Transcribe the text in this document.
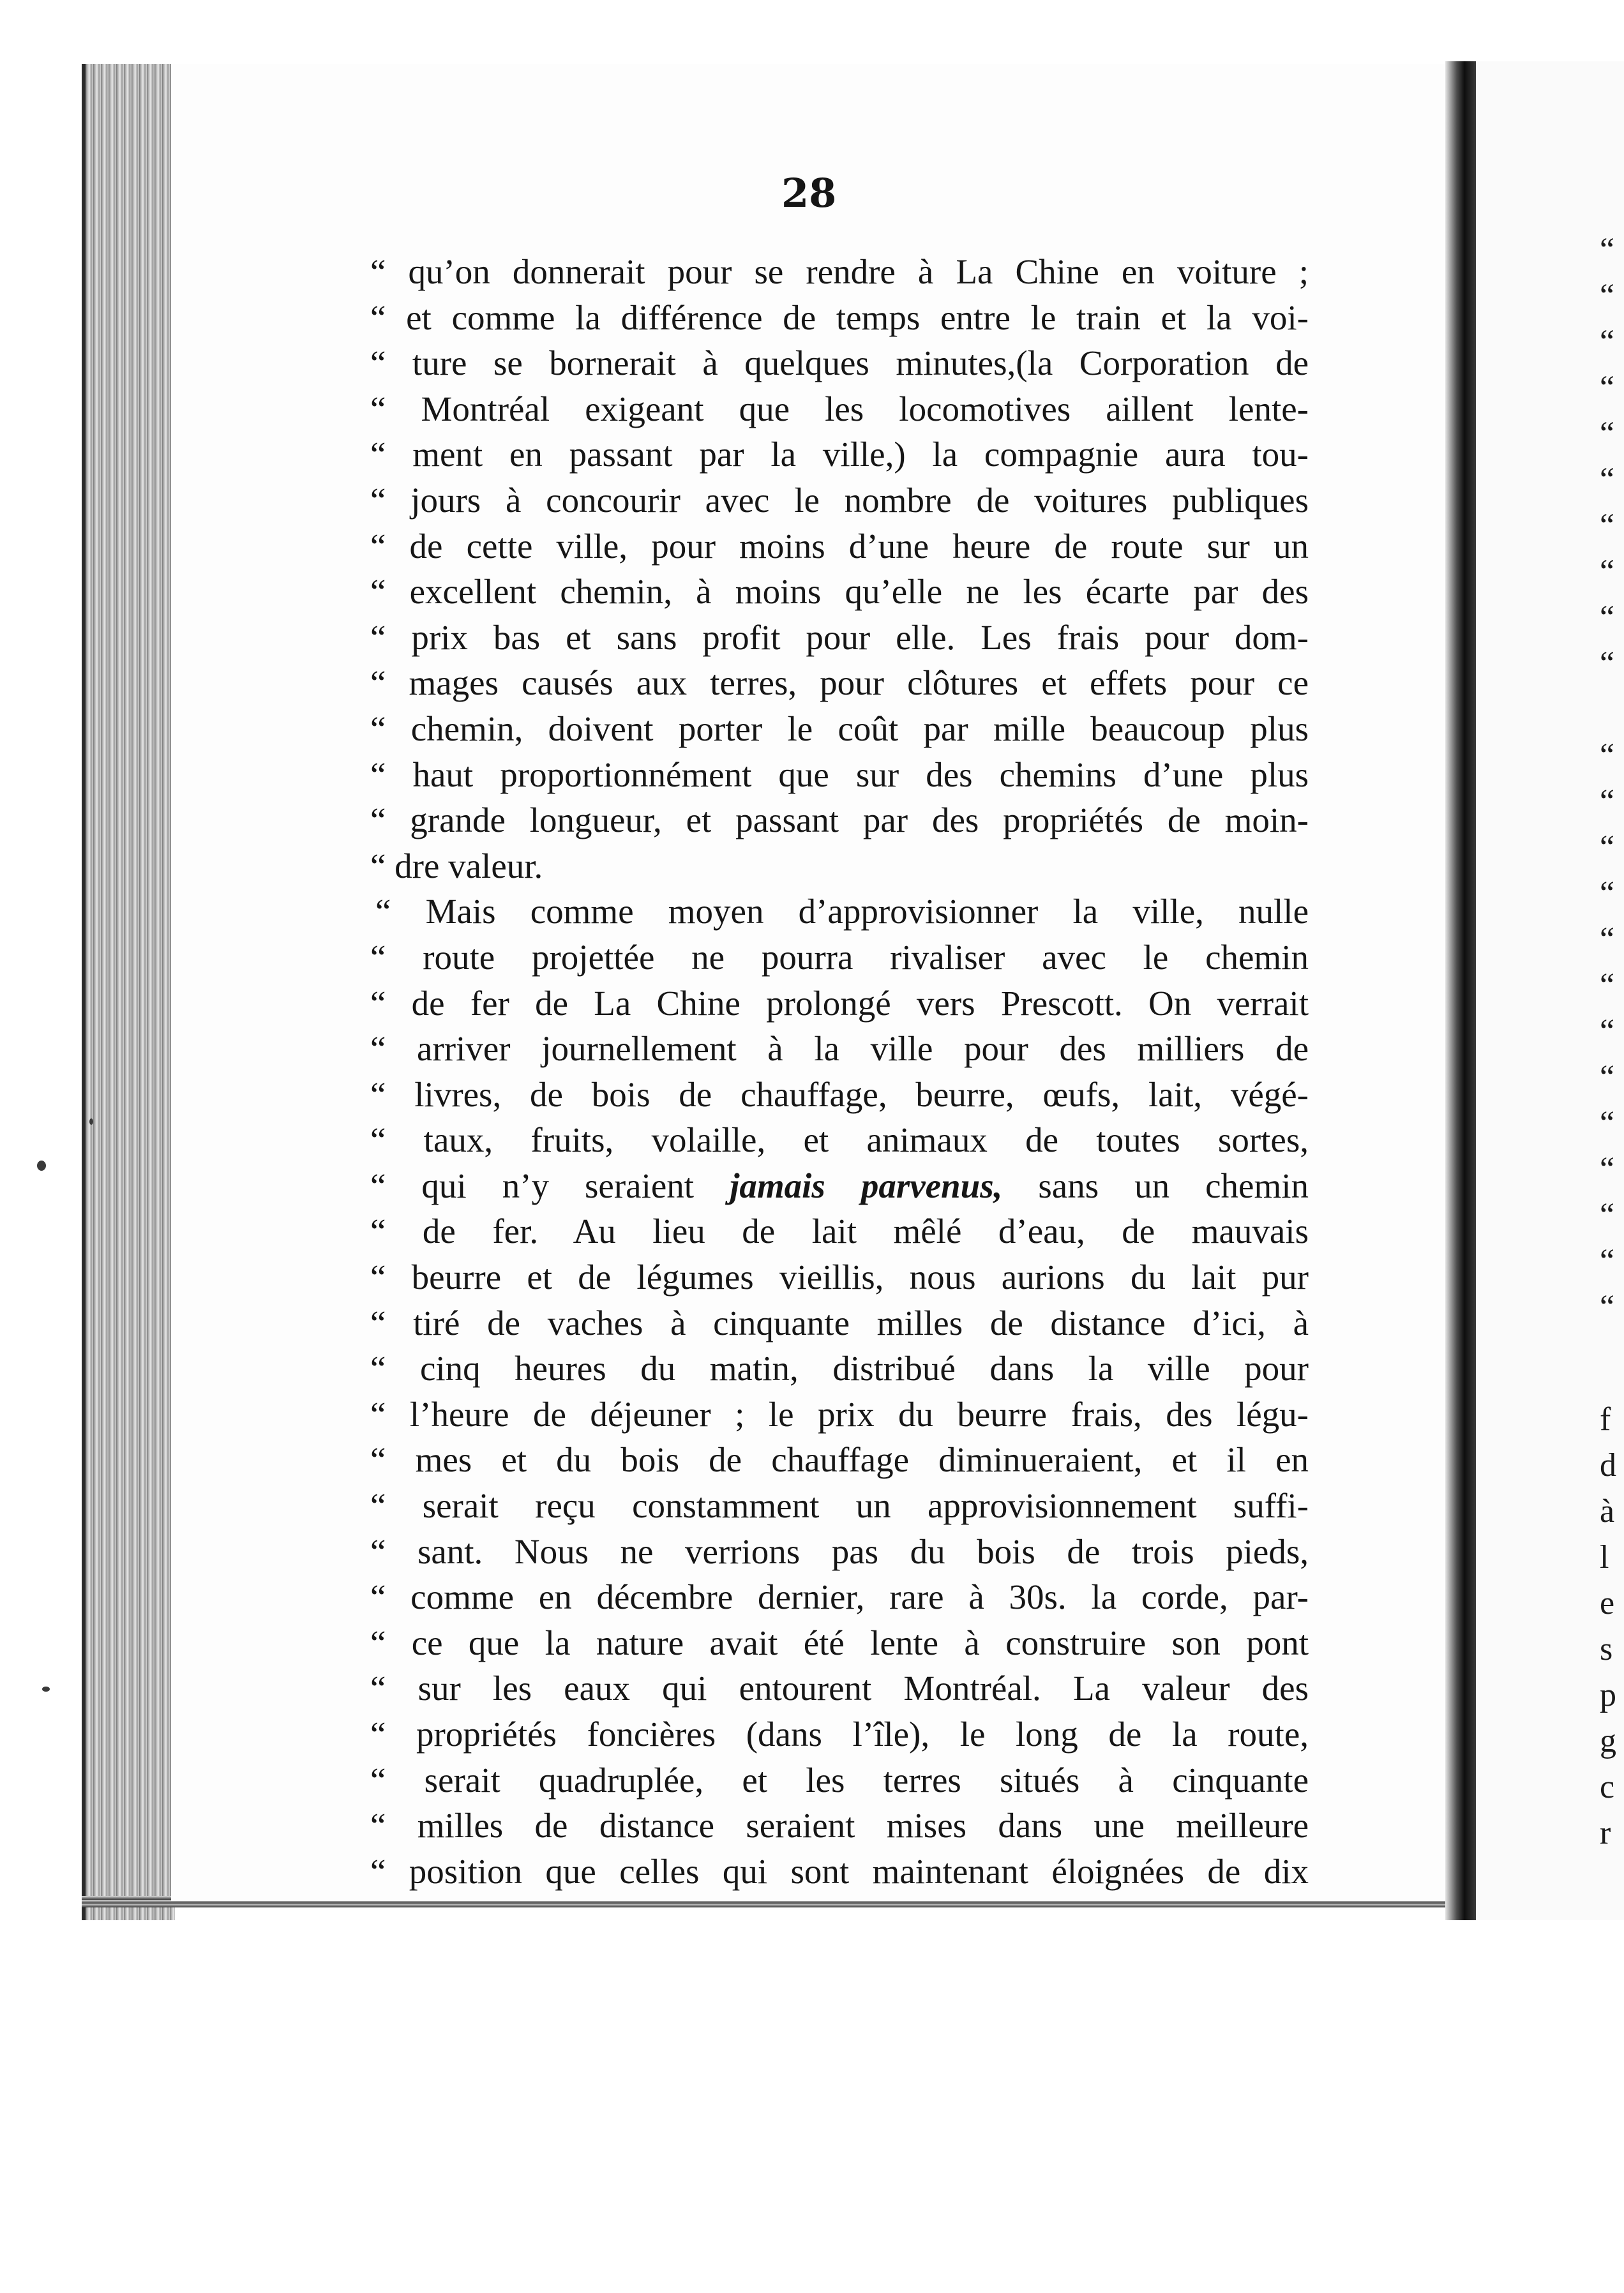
28
“ qu’on donnerait pour se rendre à La Chine en voiture ;
“ et comme la différence de temps entre le train et la voi-
“ ture se bornerait à quelques minutes,(la Corporation de
“ Montréal exigeant que les locomotives aillent lente-
“ ment en passant par la ville,) la compagnie aura tou-
“ jours à concourir avec le nombre de voitures publiques
“ de cette ville, pour moins d’une heure de route sur un
“ excellent chemin, à moins qu’elle ne les écarte par des
“ prix bas et sans profit pour elle. Les frais pour dom-
“ mages causés aux terres, pour clôtures et effets pour ce
“ chemin, doivent porter le coût par mille beaucoup plus
“ haut proportionnément que sur des chemins d’une plus
“ grande longueur, et passant par des propriétés de moin-
“ dre valeur.
“ Mais comme moyen d’approvisionner la ville, nulle
“ route projettée ne pourra rivaliser avec le chemin
“ de fer de La Chine prolongé vers Prescott. On verrait
“ arriver journellement à la ville pour des milliers de
“ livres, de bois de chauffage, beurre, œufs, lait, végé-
“ taux, fruits, volaille, et animaux de toutes sortes,
“ qui n’y seraient jamais parvenus, sans un chemin
“ de fer. Au lieu de lait mêlé d’eau, de mauvais
“ beurre et de légumes vieillis, nous aurions du lait pur
“ tiré de vaches à cinquante milles de distance d’ici, à
“ cinq heures du matin, distribué dans la ville pour
“ l’heure de déjeuner ; le prix du beurre frais, des légu-
“ mes et du bois de chauffage diminueraient, et il en
“ serait reçu constamment un approvisionnement suffi-
“ sant. Nous ne verrions pas du bois de trois pieds,
“ comme en décembre dernier, rare à 30s. la corde, par-
“ ce que la nature avait été lente à construire son pont
“ sur les eaux qui entourent Montréal. La valeur des
“ propriétés foncières (dans l’île), le long de la route,
“ serait quadruplée, et les terres situés à cinquante
“ milles de distance seraient mises dans une meilleure
“ position que celles qui sont maintenant éloignées de dix
“
“
“
“
“
“
“
“
“
“
“
“
“
“
“
“
“
“
“
“
“
“
“
f
d
à
l
e
s
p
g
c
r
